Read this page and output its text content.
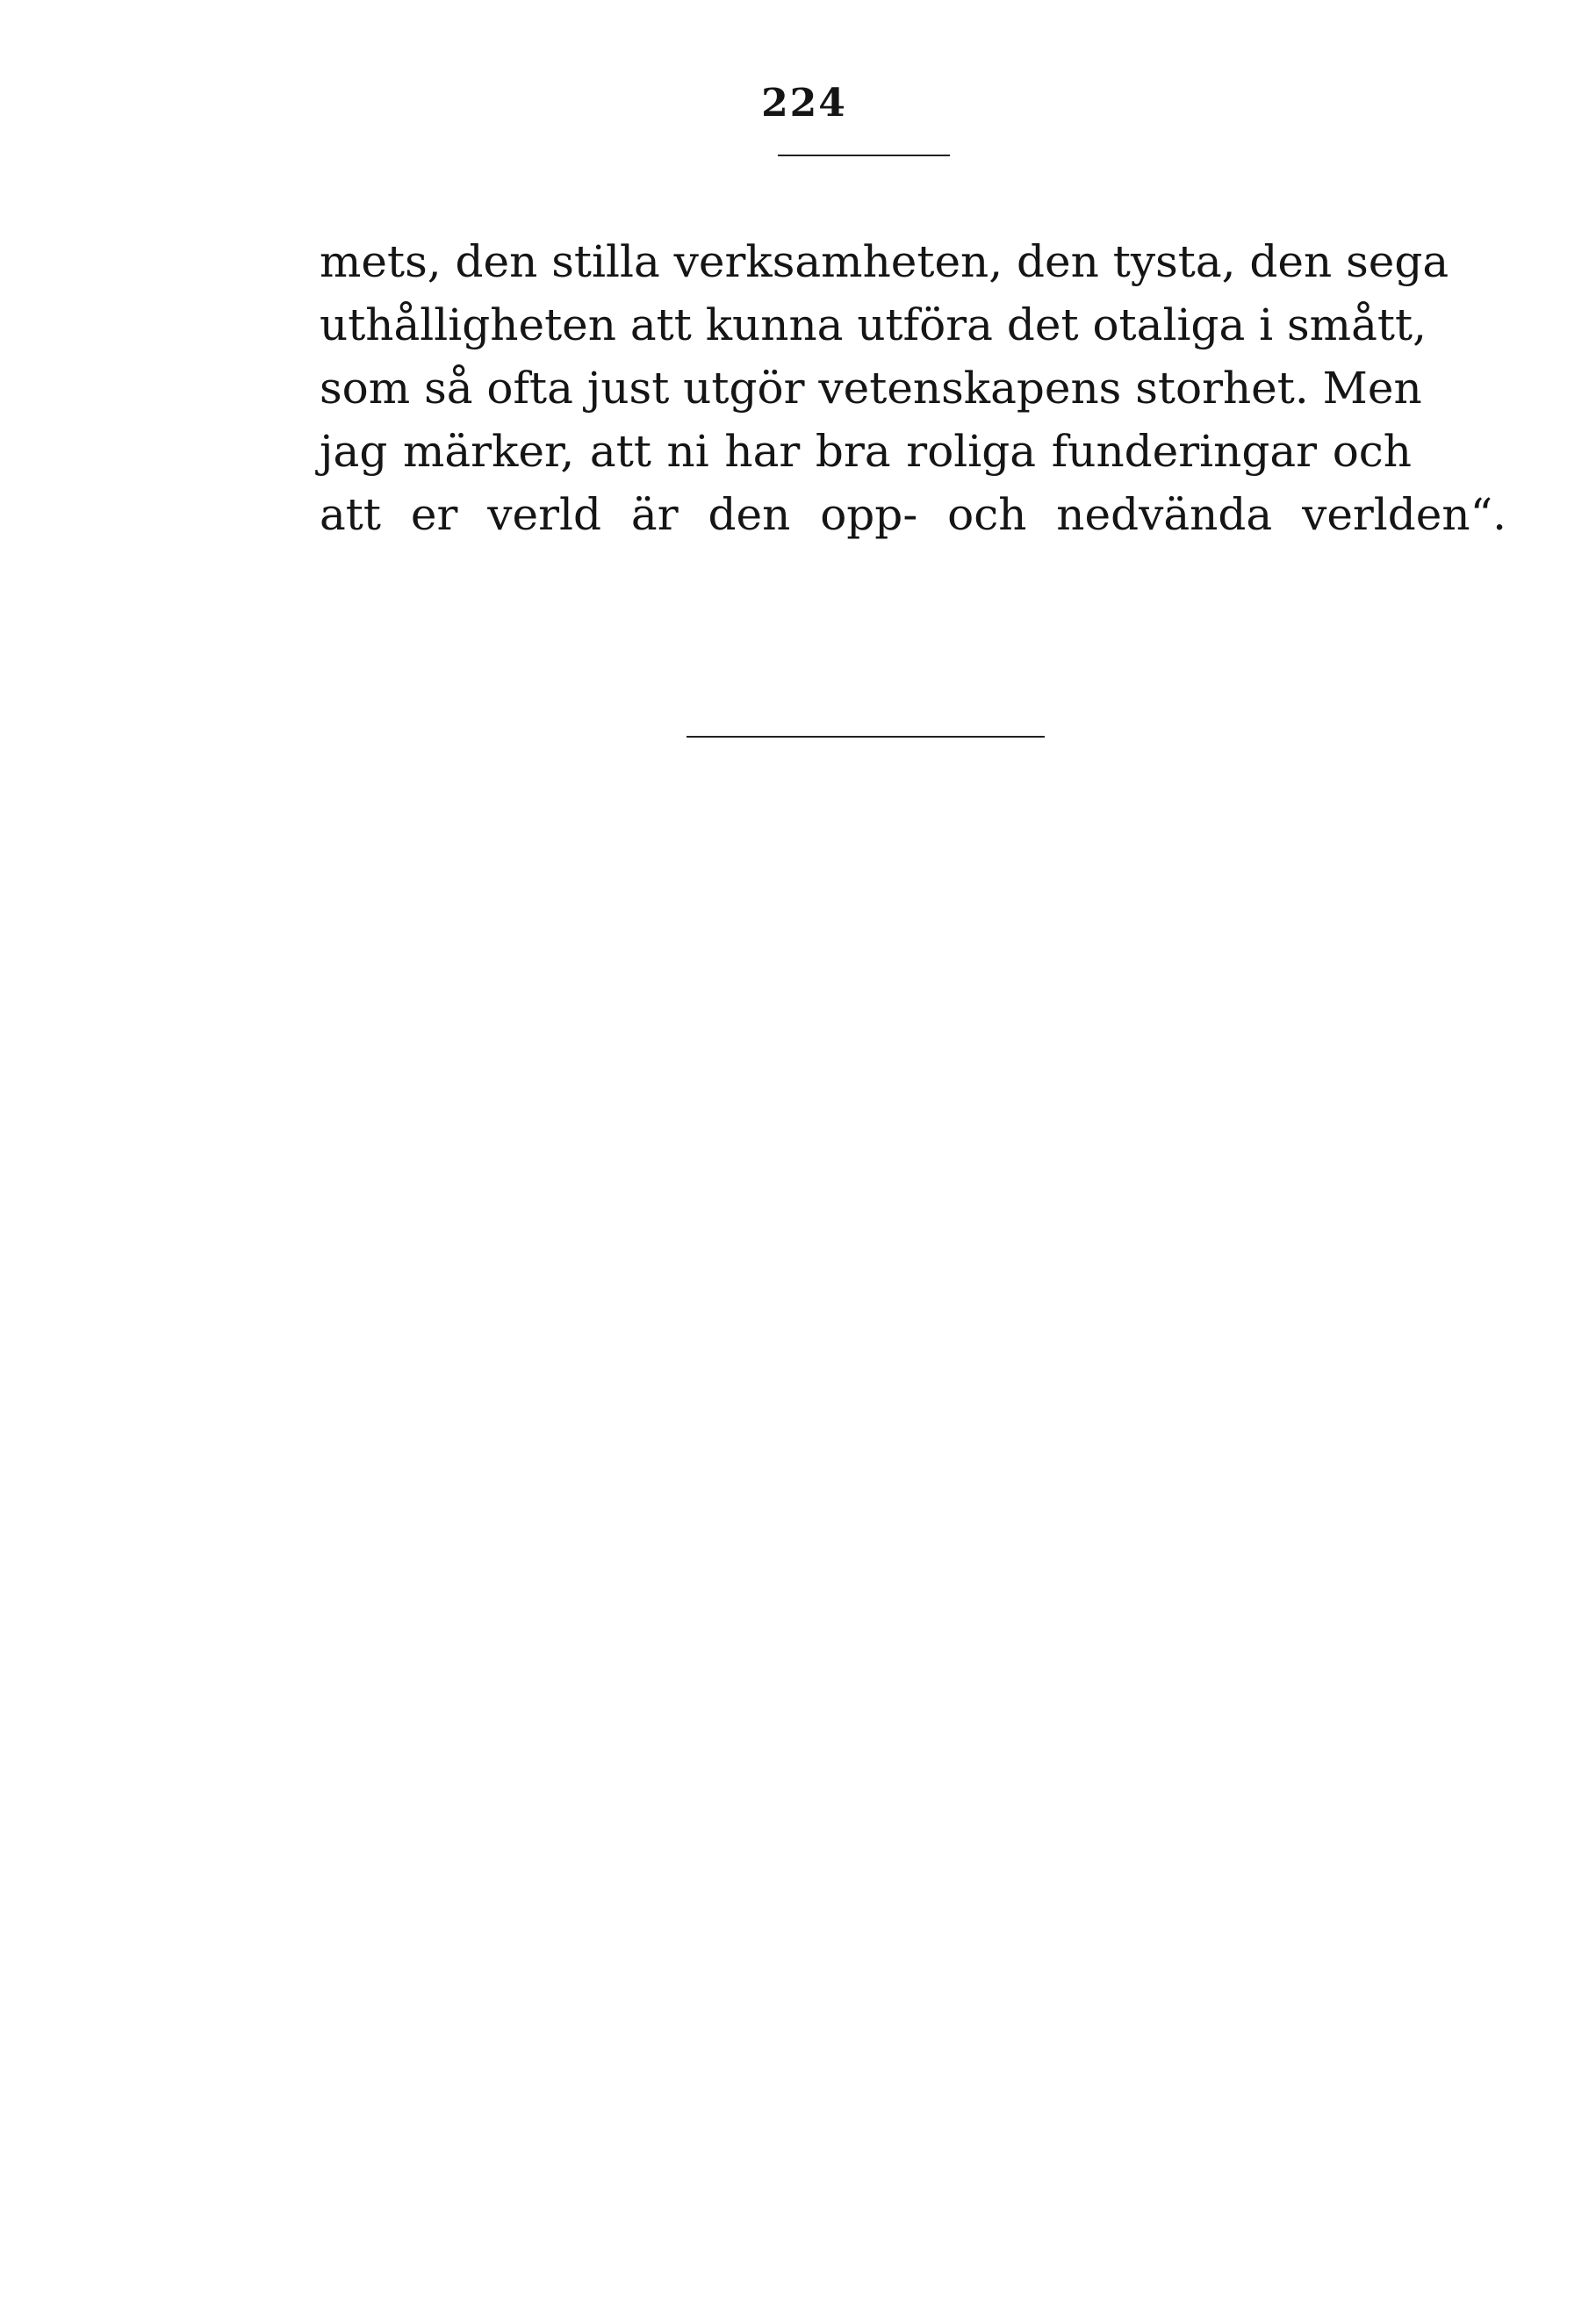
224
mets, den stilla verksamheten, den tysta, den sega
uthålligheten att kunna utföra det otaliga i smått,
som så ofta just utgör vetenskapens storhet. Men
jag märker, att ni har bra roliga funderingar och
att er verld är den opp- och nedvända verlden“.
